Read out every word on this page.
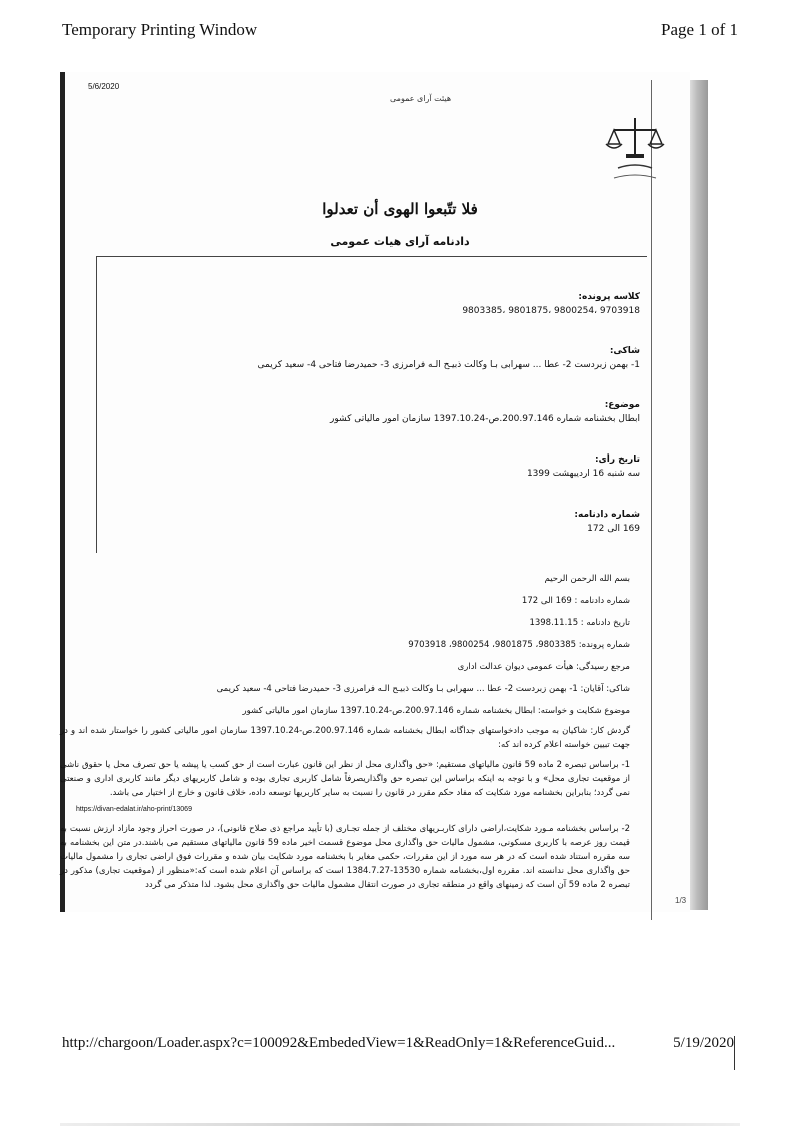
Temporary Printing Window	Page 1 of 1
5/6/2020
هیئت آرای عمومی
فلا تتّبعوا الهوی أن تعدلوا
دادنامه آرای هیات عمومی
کلاسه پرونده:
9703918 ،9800254 ،9801875 ،9803385
شاکی:
1- بهمن زبردست 2- عطا ... سهرابی بـا وکالت ذبیـح الـه فرامرزی 3- حمیدرضا فتاحی 4- سعید کریمی
موضوع:
ابطال بخشنامه شماره 200.97.146.ص-1397.10.24 سازمان امور مالیاتی کشور
تاریخ رأی:
سه شنبه 16 اردیبهشت 1399
شماره دادنامه:
169 الی 172
بسم الله الرحمن الرحیم
شماره دادنامه : 169 الی 172
تاریخ دادنامه : 1398.11.15
شماره پرونده: 9803385، 9801875، 9800254، 9703918
مرجع رسیدگی: هیأت عمومی دیوان عدالت اداری
شاکی: آقایان: 1- بهمن زبردست 2- عطا ... سهرابی بـا وکالت ذبیـح الـه فرامرزی 3- حمیدرضا فتاحی 4- سعید کریمی
موضوع شکایت و خواسته: ابطال بخشنامه شماره 200.97.146.ص-1397.10.24 سازمان امور مالیاتی کشور
گردش کار: شاکیان به موجب دادخواستهای جداگانه ابطال بخشنامه شماره 200.97.146.ص-1397.10.24 سازمان امور مالیاتی کشور را خواستار شده اند و در جهت تبیین خواسته اعلام کرده اند که:
1- براساس تبصره 2 ماده 59 قانون مالیاتهای مستقیم: «حق واگذاری محل از نظر این قانون عبارت است از حق کسب یا پیشه یا حق تصرف محل یا حقوق ناشی از موقعیت تجاری محل» و با توجه به اینکه براساس این تبصره حق واگذاریصرفاً شامل کاربری تجاری بوده و شامل کاربریهای دیگر مانند کاربری اداری و صنعتی نمی گردد؛ بنابراین بخشنامه مورد شکایت که مفاد حکم مقرر در قانون را نسبت به سایر کاربریها توسعه داده، خلاف قانون و خارج از اختیار می باشد.
2- براساس بخشنامه مـورد شکایت،اراضی دارای کاربـریهای مختلف از جمله تجـاری (با تأیید مراجع ذی صلاح قانونی)، در صورت احراز وجود مازاد ارزش نسبت به قیمت روز عرصه با کاربری مسکونی، مشمول مالیات حق واگذاری محل موضوع قسمت اخیر ماده 59 قانون مالیاتهای مستقیم می باشند.در متن این بخشنامه به سه مقرره استناد شده است که در هر سه مورد از این مقررات، حکمی مغایر با بخشنامه مورد شکایت بیان شده و مقررات فوق اراضی تجاری را مشمول مالیات حق واگذاری محل ندانسته اند. مقرره اول،بخشنامه شماره 13530-1384.7.27 است که براساس آن اعلام شده است که:«منظور از (موقعیت تجاری) مذکور در تبصره 2 ماده 59 آن است که زمینهای واقع در منطقه تجاری در صورت انتقال مشمول مالیات حق واگذاری محل بشود. لذا متذکر می گردد
https://divan-edalat.ir/aho-print/13069
1/3
http://chargoon/Loader.aspx?c=100092&EmbededView=1&ReadOnly=1&ReferenceGuid...	5/19/2020
